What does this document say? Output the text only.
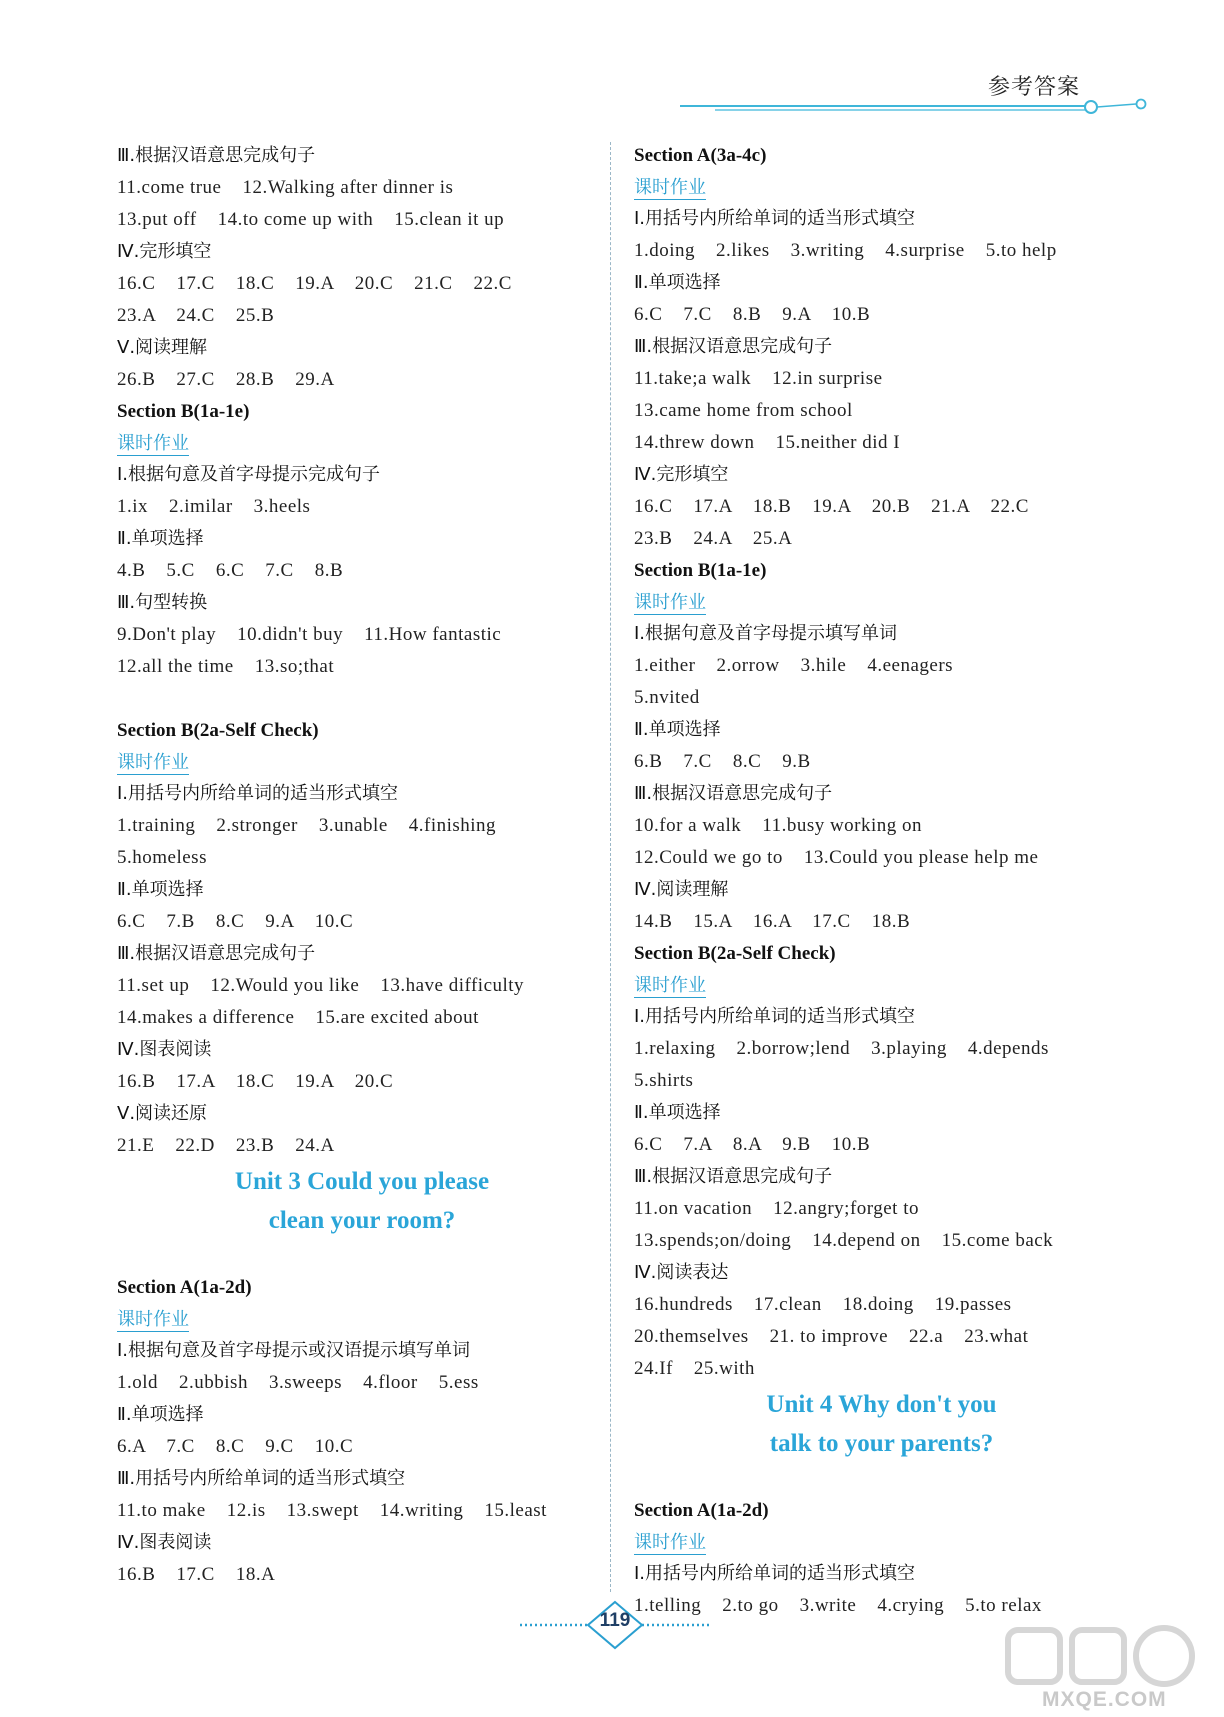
参考答案
Ⅲ.根据汉语意思完成句子
11.come true    12.Walking after dinner is
13.put off    14.to come up with    15.clean it up
Ⅳ.完形填空
16.C    17.C    18.C    19.A    20.C    21.C    22.C
23.A    24.C    25.B
Ⅴ.阅读理解
26.B    27.C    28.B    29.A
Section B(1a-1e)
课时作业
Ⅰ.根据句意及首字母提示完成句子
1.ix    2.imilar    3.heels
Ⅱ.单项选择
4.B    5.C    6.C    7.C    8.B
Ⅲ.句型转换
9.Don't play    10.didn't buy    11.How fantastic
12.all the time    13.so;that
Section B(2a-Self Check)
课时作业
Ⅰ.用括号内所给单词的适当形式填空
1.training    2.stronger    3.unable    4.finishing
5.homeless
Ⅱ.单项选择
6.C    7.B    8.C    9.A    10.C
Ⅲ.根据汉语意思完成句子
11.set up    12.Would you like    13.have difficulty
14.makes a difference    15.are excited about
Ⅳ.图表阅读
16.B    17.A    18.C    19.A    20.C
Ⅴ.阅读还原
21.E    22.D    23.B    24.A
Unit 3 Could you please
clean your room?
Section A(1a-2d)
课时作业
Ⅰ.根据句意及首字母提示或汉语提示填写单词
1.old    2.ubbish    3.sweeps    4.floor    5.ess
Ⅱ.单项选择
6.A    7.C    8.C    9.C    10.C
Ⅲ.用括号内所给单词的适当形式填空
11.to make    12.is    13.swept    14.writing    15.least
Ⅳ.图表阅读
16.B    17.C    18.A
Section A(3a-4c)
课时作业
Ⅰ.用括号内所给单词的适当形式填空
1.doing    2.likes    3.writing    4.surprise    5.to help
Ⅱ.单项选择
6.C    7.C    8.B    9.A    10.B
Ⅲ.根据汉语意思完成句子
11.take;a walk    12.in surprise
13.came home from school
14.threw down    15.neither did I
Ⅳ.完形填空
16.C    17.A    18.B    19.A    20.B    21.A    22.C
23.B    24.A    25.A
Section B(1a-1e)
课时作业
Ⅰ.根据句意及首字母提示填写单词
1.either    2.orrow    3.hile    4.eenagers
5.nvited
Ⅱ.单项选择
6.B    7.C    8.C    9.B
Ⅲ.根据汉语意思完成句子
10.for a walk    11.busy working on
12.Could we go to    13.Could you please help me
Ⅳ.阅读理解
14.B    15.A    16.A    17.C    18.B
Section B(2a-Self Check)
课时作业
Ⅰ.用括号内所给单词的适当形式填空
1.relaxing    2.borrow;lend    3.playing    4.depends
5.shirts
Ⅱ.单项选择
6.C    7.A    8.A    9.B    10.B
Ⅲ.根据汉语意思完成句子
11.on vacation    12.angry;forget to
13.spends;on/doing    14.depend on    15.come back
Ⅳ.阅读表达
16.hundreds    17.clean    18.doing    19.passes
20.themselves    21. to improve    22.a    23.what
24.If    25.with
Unit 4 Why don't you
talk to your parents?
Section A(1a-2d)
课时作业
Ⅰ.用括号内所给单词的适当形式填空
1.telling    2.to go    3.write    4.crying    5.to relax
119
MXQE.COM
